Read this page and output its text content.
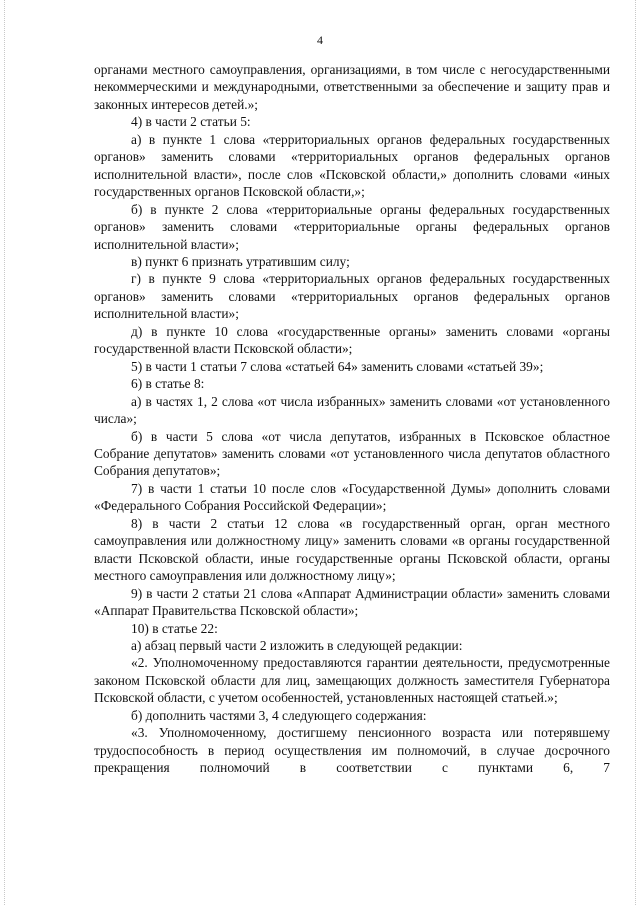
4

органами местного самоуправления, организациями, в том числе с негосударственными некоммерческими и международными, ответственными за обеспечение и защиту прав и законных интересов детей.»;

4) в части 2 статьи 5:

а) в пункте 1 слова «территориальных органов федеральных государственных органов» заменить словами «территориальных органов федеральных органов исполнительной власти», после слов «Псковской области,» дополнить словами «иных государственных органов Псковской области,»;

б) в пункте 2 слова «территориальные органы федеральных государственных органов» заменить словами «территориальные органы федеральных органов исполнительной власти»;

в) пункт 6 признать утратившим силу;

г) в пункте 9 слова «территориальных органов федеральных государственных органов» заменить словами «территориальных органов федеральных органов исполнительной власти»;

д) в пункте 10 слова «государственные органы» заменить словами «органы государственной власти Псковской области»;

5) в части 1 статьи 7 слова «статьей 64» заменить словами «статьей 39»;

6) в статье 8:

а) в частях 1, 2 слова «от числа избранных» заменить словами «от установленного числа»;

б) в части 5 слова «от числа депутатов, избранных в Псковское областное Собрание депутатов» заменить словами «от установленного числа депутатов областного Собрания депутатов»;

7) в части 1 статьи 10 после слов «Государственной Думы» дополнить словами «Федерального Собрания Российской Федерации»;

8) в части 2 статьи 12 слова «в государственный орган, орган местного самоуправления или должностному лицу» заменить словами «в органы государственной власти Псковской области, иные государственные органы Псковской области, органы местного самоуправления или должностному лицу»;

9) в части 2 статьи 21 слова «Аппарат Администрации области» заменить словами «Аппарат Правительства Псковской области»;

10) в статье 22:

а) абзац первый части 2 изложить в следующей редакции:

«2. Уполномоченному предоставляются гарантии деятельности, предусмотренные законом Псковской области для лиц, замещающих должность заместителя Губернатора Псковской области, с учетом особенностей, установленных настоящей статьей.»;

б) дополнить частями 3, 4 следующего содержания:

«3. Уполномоченному, достигшему пенсионного возраста или потерявшему трудоспособность в период осуществления им полномочий, в случае досрочного прекращения полномочий в соответствии с пунктами 6, 7
